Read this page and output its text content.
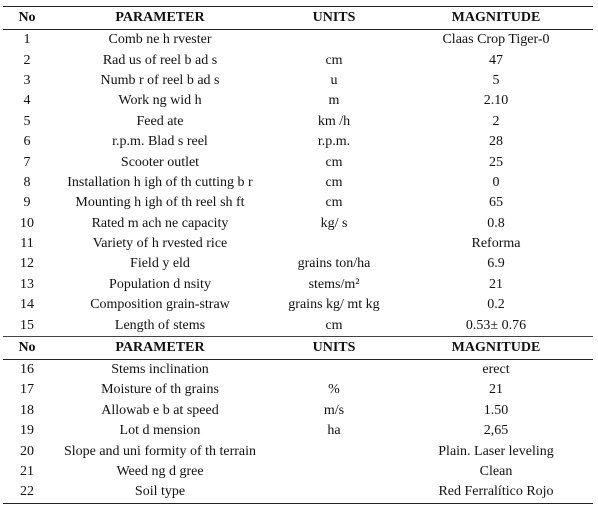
No	PARAMETER	UNITS	MAGNITUDE
1	Comb ne h rvester		Claas Crop Tiger-0
2	Rad us of reel b ad s	cm	47
3	Numb r of reel b ad s	u	5
4	Work ng wid h	m	2.10
5	Feed ate	km /h	2
6	r.p.m. Blad s reel	r.p.m.	28
7	Scooter outlet	cm	25
8	Installation h igh of th cutting b r	cm	0
9	Mounting h igh of th reel sh ft	cm	65
10	Rated m ach ne capacity	kg/ s	0.8
11	Variety of h rvested rice		Reforma
12	Field y eld	grains ton/ha	6.9
13	Population d nsity	stems/m²	21
14	Composition grain-straw	grains kg/ mt kg	0.2
15	Length of stems	cm	0.53± 0.76
No	PARAMETER	UNITS	MAGNITUDE
16	Stems inclination		erect
17	Moisture of th grains	%	21
18	Allowab e b at speed	m/s	1.50
19	Lot d mension	ha	2,65
20	Slope and uni formity of th terrain		Plain. Laser leveling
21	Weed ng d gree		Clean
22	Soil type		Red Ferralítico Rojo
